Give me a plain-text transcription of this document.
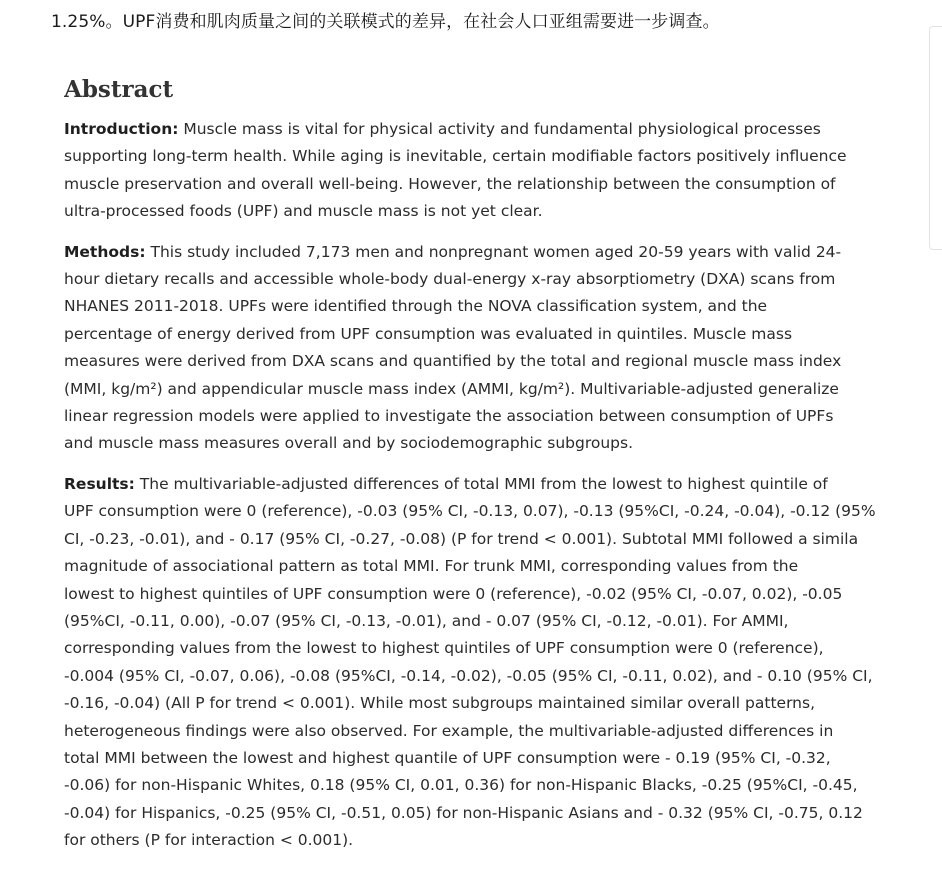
1.25%。UPF消费和肌肉质量之间的关联模式的差异，在社会人口亚组需要进一步调查。
Abstract
Introduction: Muscle mass is vital for physical activity and fundamental physiological processes
supporting long-term health. While aging is inevitable, certain modifiable factors positively influence
muscle preservation and overall well-being. However, the relationship between the consumption of
ultra-processed foods (UPF) and muscle mass is not yet clear.
Methods: This study included 7,173 men and nonpregnant women aged 20-59 years with valid 24-
hour dietary recalls and accessible whole-body dual-energy x-ray absorptiometry (DXA) scans from
NHANES 2011-2018. UPFs were identified through the NOVA classification system, and the
percentage of energy derived from UPF consumption was evaluated in quintiles. Muscle mass
measures were derived from DXA scans and quantified by the total and regional muscle mass index
(MMI, kg/m²) and appendicular muscle mass index (AMMI, kg/m²). Multivariable-adjusted generalize
linear regression models were applied to investigate the association between consumption of UPFs
and muscle mass measures overall and by sociodemographic subgroups.
Results: The multivariable-adjusted differences of total MMI from the lowest to highest quintile of
UPF consumption were 0 (reference), -0.03 (95% CI, -0.13, 0.07), -0.13 (95%CI, -0.24, -0.04), -0.12 (95%
CI, -0.23, -0.01), and - 0.17 (95% CI, -0.27, -0.08) (P for trend < 0.001). Subtotal MMI followed a simila
magnitude of associational pattern as total MMI. For trunk MMI, corresponding values from the
lowest to highest quintiles of UPF consumption were 0 (reference), -0.02 (95% CI, -0.07, 0.02), -0.05
(95%CI, -0.11, 0.00), -0.07 (95% CI, -0.13, -0.01), and - 0.07 (95% CI, -0.12, -0.01). For AMMI,
corresponding values from the lowest to highest quintiles of UPF consumption were 0 (reference),
-0.004 (95% CI, -0.07, 0.06), -0.08 (95%CI, -0.14, -0.02), -0.05 (95% CI, -0.11, 0.02), and - 0.10 (95% CI,
-0.16, -0.04) (All P for trend < 0.001). While most subgroups maintained similar overall patterns,
heterogeneous findings were also observed. For example, the multivariable-adjusted differences in
total MMI between the lowest and highest quantile of UPF consumption were - 0.19 (95% CI, -0.32,
-0.06) for non-Hispanic Whites, 0.18 (95% CI, 0.01, 0.36) for non-Hispanic Blacks, -0.25 (95%CI, -0.45,
-0.04) for Hispanics, -0.25 (95% CI, -0.51, 0.05) for non-Hispanic Asians and - 0.32 (95% CI, -0.75, 0.12
for others (P for interaction < 0.001).
